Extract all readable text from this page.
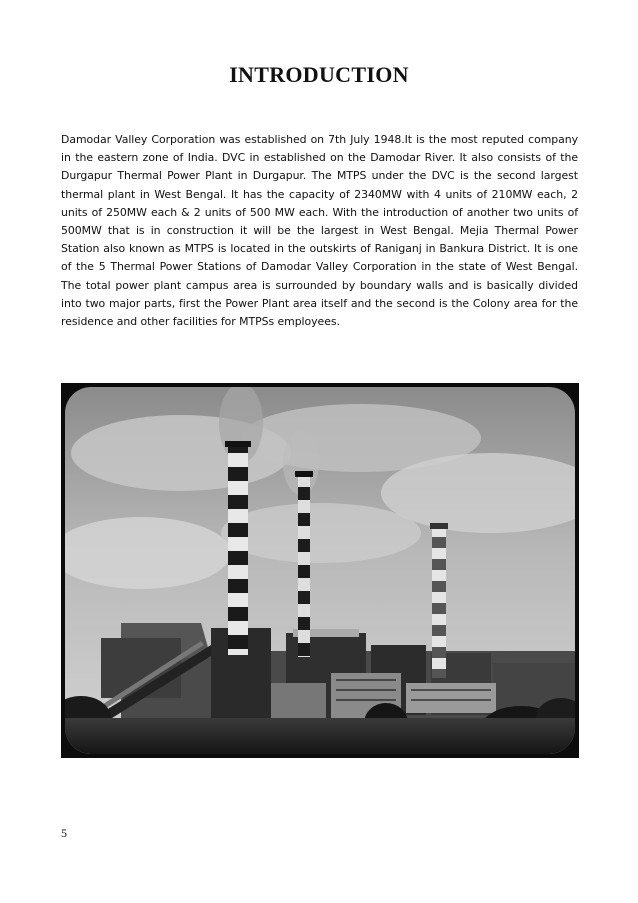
INTRODUCTION
Damodar Valley Corporation was established on 7th July 1948.It is the most reputed company in the eastern zone of India. DVC in established on the Damodar River. It also consists of the Durgapur Thermal Power Plant in Durgapur. The MTPS under the DVC is the second largest thermal plant in West Bengal. It has the capacity of 2340MW with 4 units of 210MW each, 2 units of 250MW each & 2 units of 500 MW each. With the introduction of another two units of 500MW that is in construction it will be the largest in West Bengal. Mejia Thermal Power Station also known as MTPS is located in the outskirts of Raniganj in Bankura District. It is one of the 5 Thermal Power Stations of Damodar Valley Corporation in the state of West Bengal. The total power plant campus area is surrounded by boundary walls and is basically divided into two major parts, first the Power Plant area itself and the second is the Colony area for the residence and other facilities for MTPSs employees.
5
